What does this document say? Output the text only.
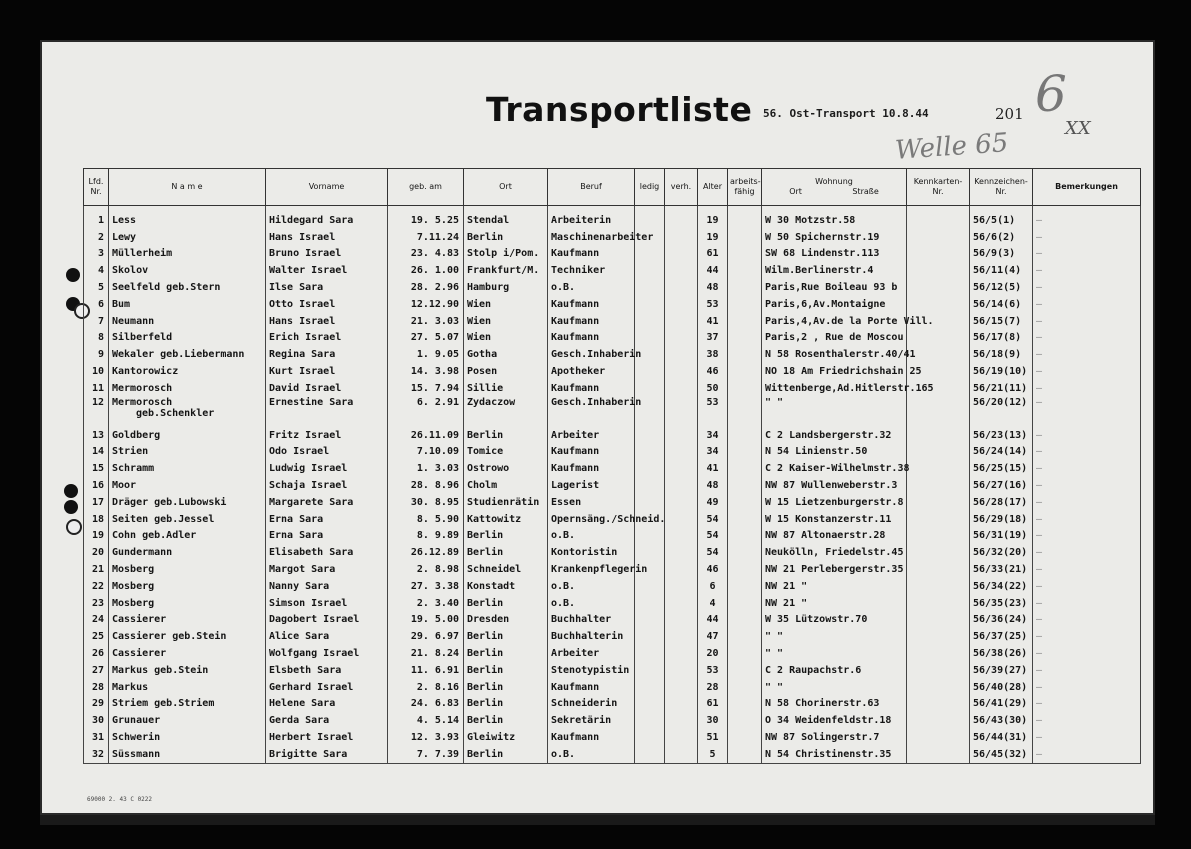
Transportliste 56. Ost-Transport 10.8.44	201 6
XX
Welle 65
Lfd. Nr.	N a m e	Vorname	geb. am	Ort	Beruf	ledig	verh.	Alter	arbeits-fähig	Wohnung
Ort Straße	Kennkarten- Nr.	Kennzeichen- Nr.	Bemerkungen
1	Less	Hildegard Sara	19. 5.25	Stendal	Arbeiterin			19		W 30 Motzstr.58		56/5(1)	—
2	Lewy	Hans Israel	7.11.24	Berlin	Maschinenarbeiter			19		W 50 Spichernstr.19		56/6(2)	—
3	Müllerheim	Bruno Israel	23. 4.83	Stolp i/Pom.	Kaufmann			61		SW 68 Lindenstr.113		56/9(3)	—
4	Skolov	Walter Israel	26. 1.00	Frankfurt/M.	Techniker			44		Wilm.Berlinerstr.4		56/11(4)	—
5	Seelfeld geb.Stern	Ilse Sara	28. 2.96	Hamburg	o.B.			48		Paris,Rue Boileau 93 b		56/12(5)	—
6	Bum	Otto Israel	12.12.90	Wien	Kaufmann			53		Paris,6,Av.Montaigne		56/14(6)	—
7	Neumann	Hans Israel	21. 3.03	Wien	Kaufmann			41		Paris,4,Av.de la Porte Vill.		56/15(7)	—
8	Silberfeld	Erich Israel	27. 5.07	Wien	Kaufmann			37		Paris,2 , Rue de Moscou		56/17(8)	—
9	Wekaler geb.Liebermann	Regina Sara	1. 9.05	Gotha	Gesch.Inhaberin			38		N 58 Rosenthalerstr.40/41		56/18(9)	—
10	Kantorowicz	Kurt Israel	14. 3.98	Posen	Apotheker			46		NO 18 Am Friedrichshain 25		56/19(10)	—
11	Mermorosch	David Israel	15. 7.94	Sillie	Kaufmann			50		Wittenberge,Ad.Hitlerstr.165		56/21(11)	—
12	Mermorosch
geb.Schenkler	Ernestine Sara	6. 2.91	Zydaczow	Gesch.Inhaberin			53		" "		56/20(12)	—
13	Goldberg	Fritz Israel	26.11.09	Berlin	Arbeiter			34		C 2 Landsbergerstr.32		56/23(13)	—
14	Strien	Odo Israel	7.10.09	Tomice	Kaufmann			34		N 54 Linienstr.50		56/24(14)	—
15	Schramm	Ludwig Israel	1. 3.03	Ostrowo	Kaufmann			41		C 2 Kaiser-Wilhelmstr.38		56/25(15)	—
16	Moor	Schaja Israel	28. 8.96	Cholm	Lagerist			48		NW 87 Wullenweberstr.3		56/27(16)	—
17	Dräger geb.Lubowski	Margarete Sara	30. 8.95	Studienrätin	Essen			49		W 15 Lietzenburgerstr.8		56/28(17)	—
18	Seiten geb.Jessel	Erna Sara	8. 5.90	Kattowitz	Opernsäng./Schneid.			54		W 15 Konstanzerstr.11		56/29(18)	—
19	Cohn geb.Adler	Erna Sara	8. 9.89	Berlin	o.B.			54		NW 87 Altonaerstr.28		56/31(19)	—
20	Gundermann	Elisabeth Sara	26.12.89	Berlin	Kontoristin			54		Neukölln, Friedelstr.45		56/32(20)	—
21	Mosberg	Margot Sara	2. 8.98	Schneidel	Krankenpflegerin			46		NW 21 Perlebergerstr.35		56/33(21)	—
22	Mosberg	Nanny Sara	27. 3.38	Konstadt	o.B.			6		NW 21 "		56/34(22)	—
23	Mosberg	Simson Israel	2. 3.40	Berlin	o.B.			4		NW 21 "		56/35(23)	—
24	Cassierer	Dagobert Israel	19. 5.00	Dresden	Buchhalter			44		W 35 Lützowstr.70		56/36(24)	—
25	Cassierer geb.Stein	Alice Sara	29. 6.97	Berlin	Buchhalterin			47		" "		56/37(25)	—
26	Cassierer	Wolfgang Israel	21. 8.24	Berlin	Arbeiter			20		" "		56/38(26)	—
27	Markus geb.Stein	Elsbeth Sara	11. 6.91	Berlin	Stenotypistin			53		C 2 Raupachstr.6		56/39(27)	—
28	Markus	Gerhard Israel	2. 8.16	Berlin	Kaufmann			28		" "		56/40(28)	—
29	Striem geb.Striem	Helene Sara	24. 6.83	Berlin	Schneiderin			61		N 58 Chorinerstr.63		56/41(29)	—
30	Grunauer	Gerda Sara	4. 5.14	Berlin	Sekretärin			30		O 34 Weidenfeldstr.18		56/43(30)	—
31	Schwerin	Herbert Israel	12. 3.93	Gleiwitz	Kaufmann			51		NW 87 Solingerstr.7		56/44(31)	—
32	Süssmann	Brigitte Sara	7. 7.39	Berlin	o.B.			5		N 54 Christinenstr.35		56/45(32)	—
69000 2. 43 C 0222
